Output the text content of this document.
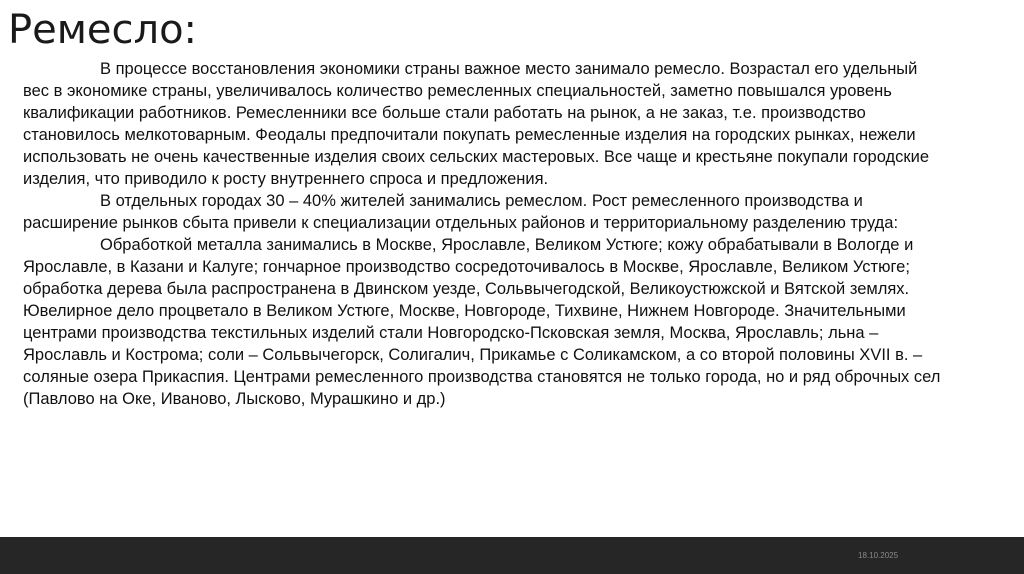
Ремесло:
В процессе восстановления экономики страны важное место занимало ремесло. Возрастал его удельный
вес в экономике страны, увеличивалось количество ремесленных специальностей, заметно повышался уровень
квалификации работников. Ремесленники все больше стали работать на рынок, а не заказ, т.е. производство
становилось мелкотоварным. Феодалы предпочитали покупать ремесленные изделия на городских рынках, нежели
использовать не очень качественные изделия своих сельских мастеровых. Все чаще и крестьяне покупали городские
изделия, что приводило к росту внутреннего спроса и предложения.
В отдельных городах 30 – 40% жителей занимались ремеслом. Рост ремесленного производства и
расширение рынков сбыта привели к специализации отдельных районов и территориальному разделению труда:
Обработкой металла занимались в Москве, Ярославле, Великом Устюге; кожу обрабатывали в Вологде и
Ярославле, в Казани и Калуге; гончарное производство сосредоточивалось в Москве, Ярославле, Великом Устюге;
обработка дерева была распространена в Двинском уезде, Сольвычегодской, Великоустюжской и Вятской землях.
Ювелирное дело процветало в Великом Устюге, Москве, Новгороде, Тихвине, Нижнем Новгороде. Значительными
центрами производства текстильных изделий стали Новгородско-Псковская земля, Москва, Ярославль; льна –
Ярославль и Кострома; соли – Сольвычегорск, Солигалич, Прикамье с Соликамском, а со второй половины XVII в. –
соляные озера Прикаспия. Центрами ремесленного производства становятся не только города, но и ряд оброчных сел
(Павлово на Оке, Иваново, Лысково, Мурашкино и др.)
18.10.2025
